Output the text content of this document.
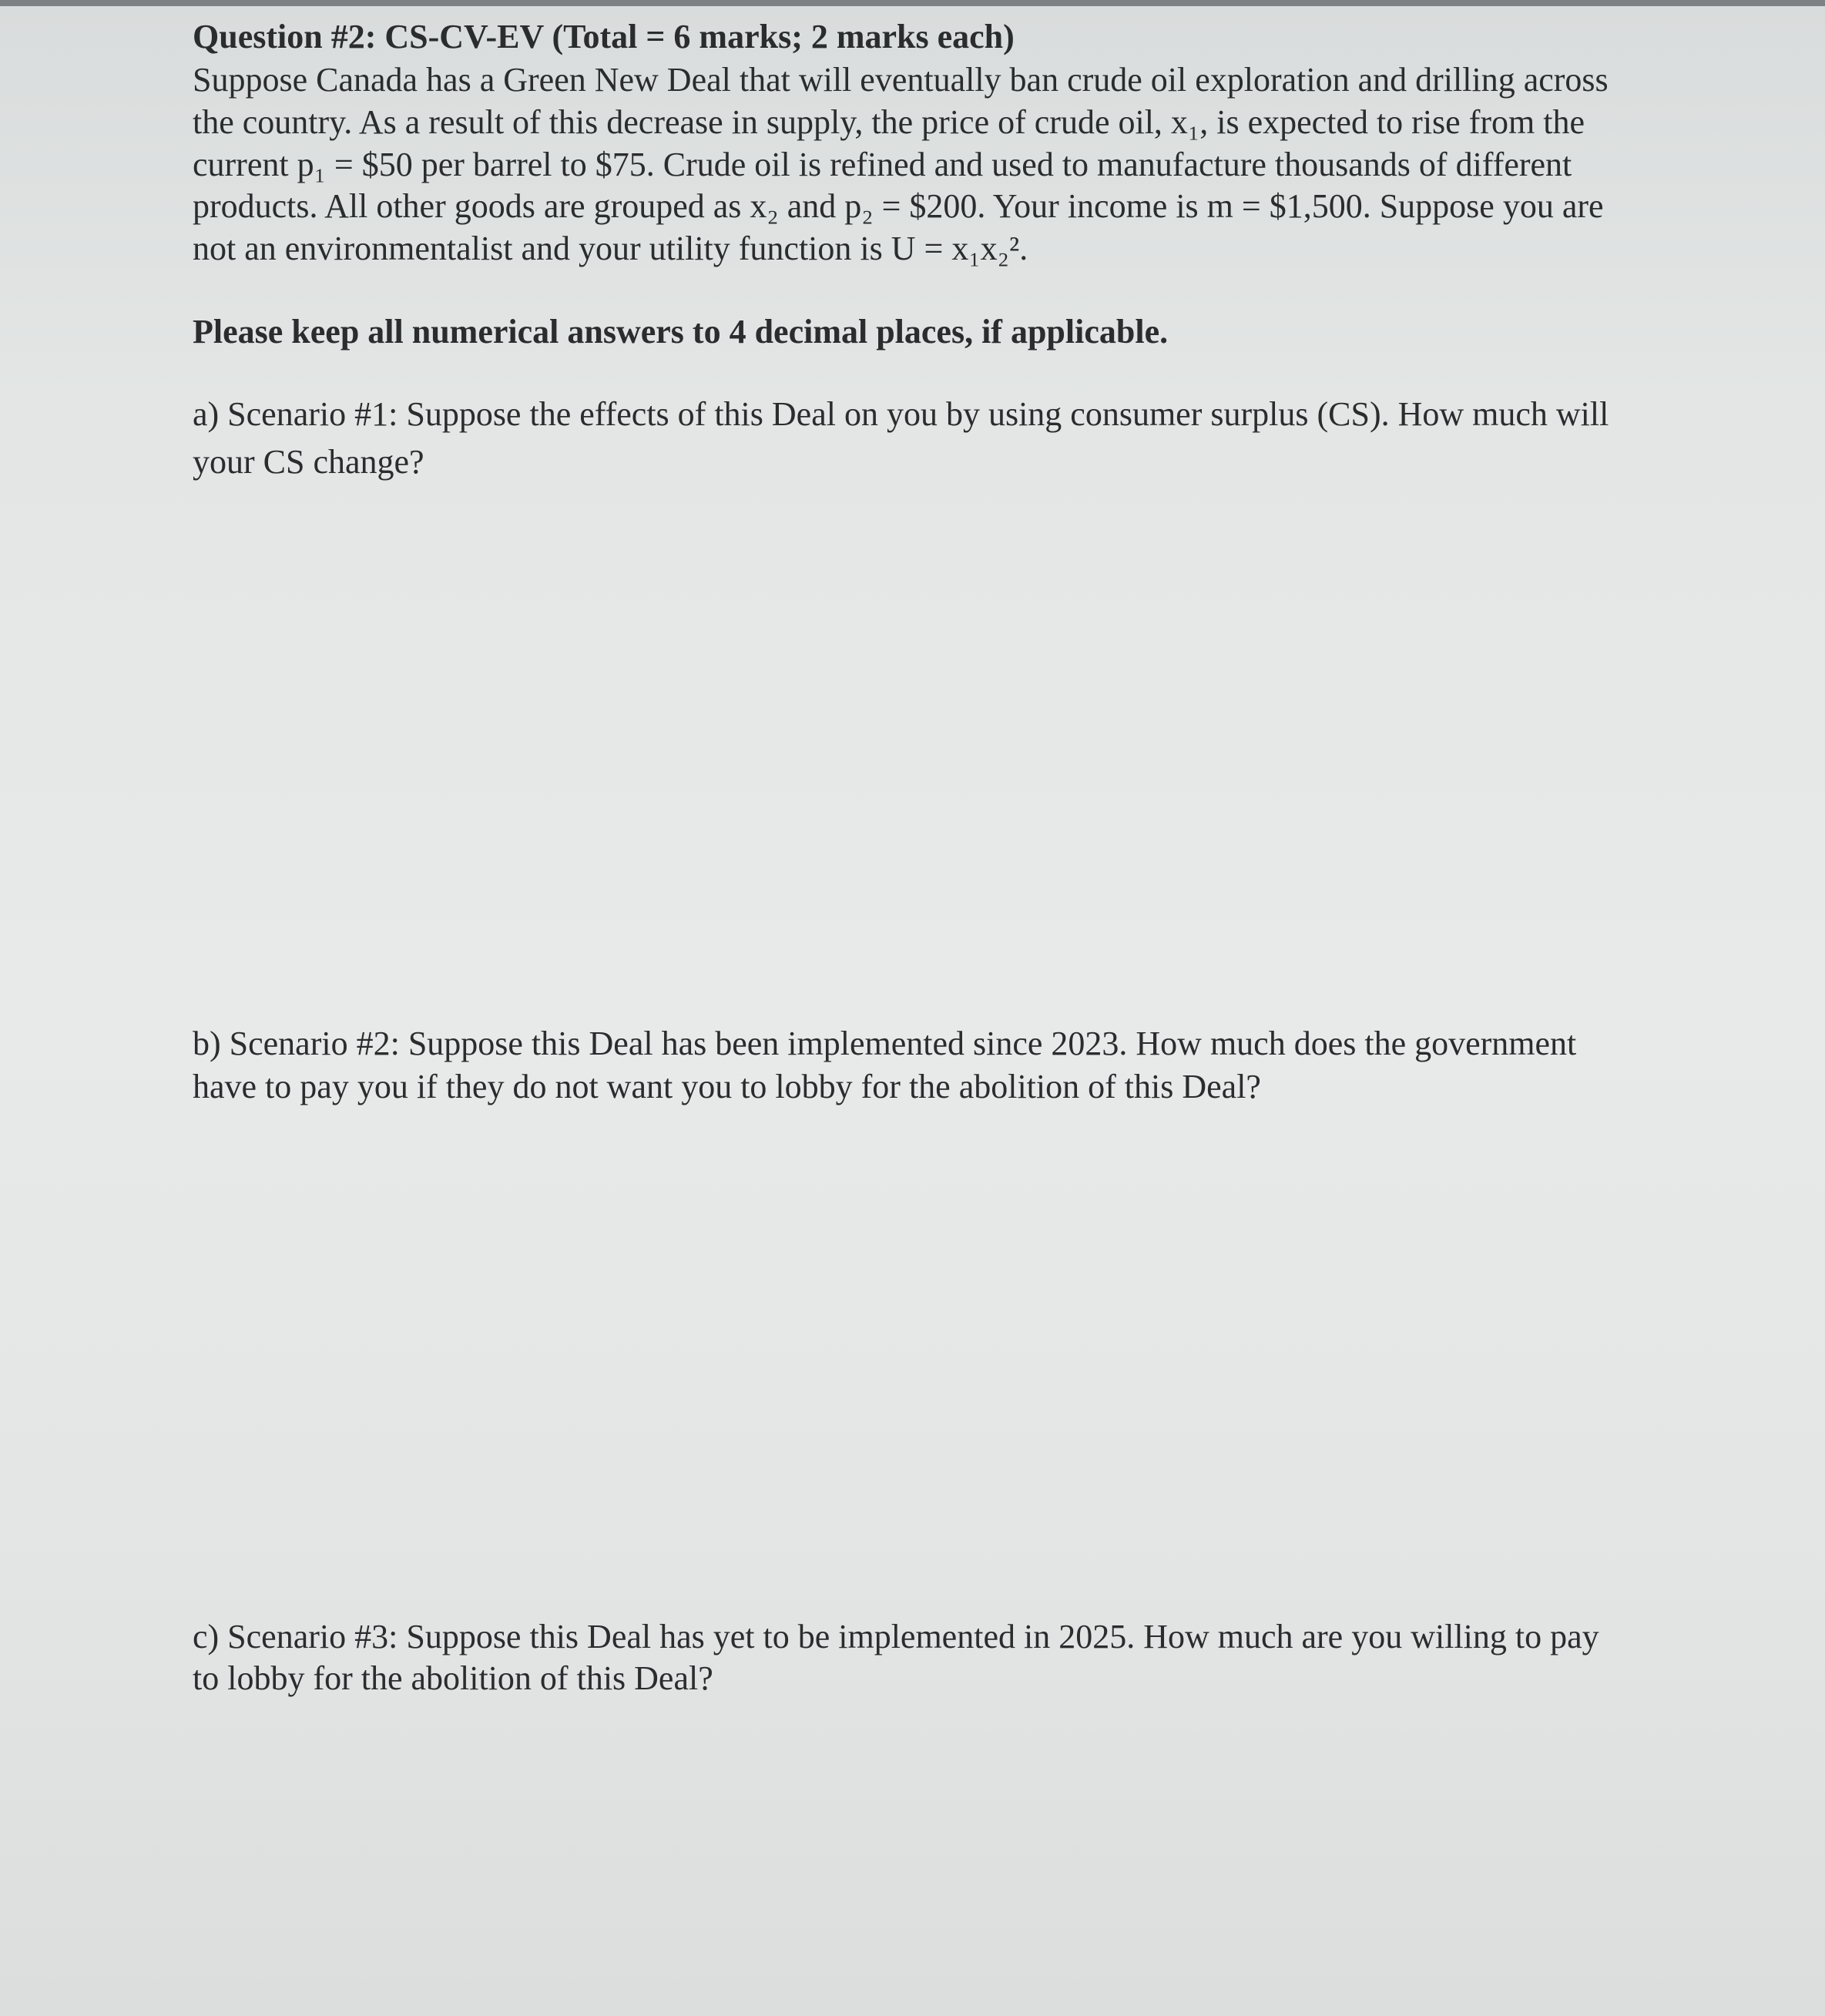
Question #2: CS-CV-EV (Total = 6 marks; 2 marks each)
Suppose Canada has a Green New Deal that will eventually ban crude oil exploration and drilling across
the country. As a result of this decrease in supply, the price of crude oil, x₁, is expected to rise from the
current p₁ = $50 per barrel to $75. Crude oil is refined and used to manufacture thousands of different
products. All other goods are grouped as x₂ and p₂ = $200. Your income is m = $1,500. Suppose you are
not an environmentalist and your utility function is U = x₁x₂².
Please keep all numerical answers to 4 decimal places, if applicable.
a) Scenario #1: Suppose the effects of this Deal on you by using consumer surplus (CS). How much will
your CS change?
b) Scenario #2: Suppose this Deal has been implemented since 2023. How much does the government
have to pay you if they do not want you to lobby for the abolition of this Deal?
c) Scenario #3: Suppose this Deal has yet to be implemented in 2025. How much are you willing to pay
to lobby for the abolition of this Deal?
